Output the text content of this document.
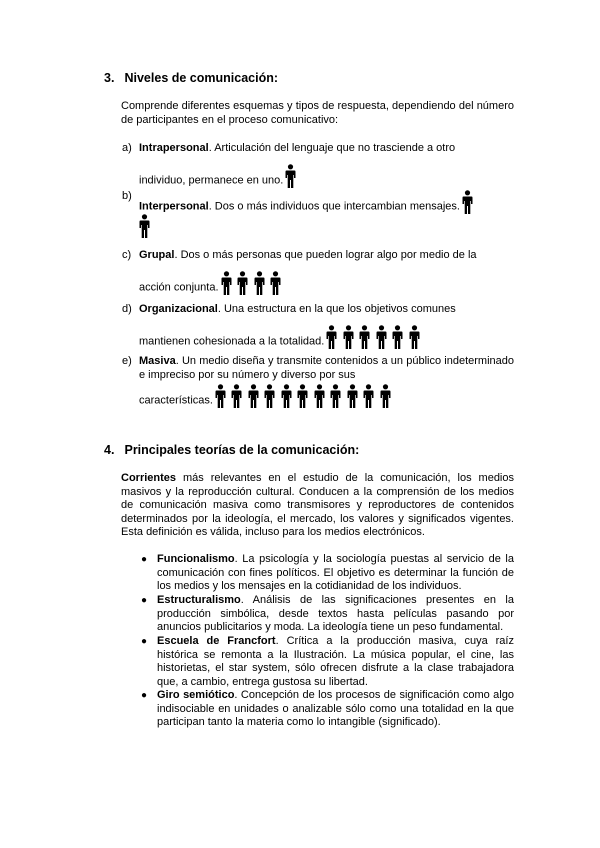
3. Niveles de comunicación:
Comprende diferentes esquemas y tipos de respuesta, dependiendo del número de participantes en el proceso comunicativo:
a) Intrapersonal. Articulación del lenguaje que no trasciende a otro
individuo, permanece en uno.
b)
Interpersonal. Dos o más individuos que intercambian mensajes.
c) Grupal. Dos o más personas que pueden lograr algo por medio de la
acción conjunta.
d) Organizacional. Una estructura en la que los objetivos comunes
mantienen cohesionada a la totalidad.
e) Masiva. Un medio diseña y transmite contenidos a un público indeterminado e impreciso por su número y diverso por sus
características.
4. Principales teorías de la comunicación:
Corrientes más relevantes en el estudio de la comunicación, los medios masivos y la reproducción cultural. Conducen a la comprensión de los medios de comunicación masiva como transmisores y reproductores de contenidos determinados por la ideología, el mercado, los valores y significados vigentes. Esta definición es válida, incluso para los medios electrónicos.
● Funcionalismo. La psicología y la sociología puestas al servicio de la comunicación con fines políticos. El objetivo es determinar la función de los medios y los mensajes en la cotidianidad de los individuos.
● Estructuralismo. Análisis de las significaciones presentes en la producción simbólica, desde textos hasta películas pasando por anuncios publicitarios y moda. La ideología tiene un peso fundamental.
● Escuela de Francfort. Crítica a la producción masiva, cuya raíz histórica se remonta a la Ilustración. La música popular, el cine, las historietas, el star system, sólo ofrecen disfrute a la clase trabajadora que, a cambio, entrega gustosa su libertad.
● Giro semiótico. Concepción de los procesos de significación como algo indisociable en unidades o analizable sólo como una totalidad en la que participan tanto la materia como lo intangible (significado).
